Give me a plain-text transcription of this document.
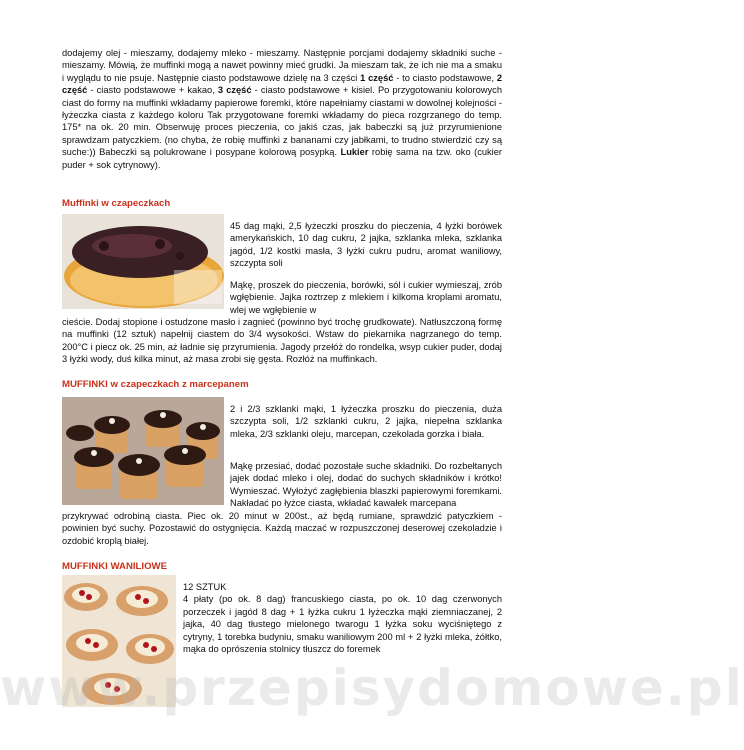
dodajemy olej - mieszamy, dodajemy mleko - mieszamy. Następnie porcjami dodajemy składniki suche - mieszamy. Mówią, że muffinki mogą a nawet powinny mieć grudki. Ja mieszam tak, że ich nie ma a smaku i wyglądu to nie psuje. Następnie ciasto podstawowe dzielę na 3 części 1 część - to ciasto podstawowe, 2 część - ciasto podstawowe + kakao, 3 część - ciasto podstawowe + kisiel. Po przygotowaniu kolorowych ciast do formy na muffinki wkładamy papierowe foremki, które napełniamy ciastami w dowolnej kolejności - łyżeczka ciasta z każdego koloru Tak przygotowane foremki wkładamy do pieca rozgrzanego do temp. 175* na ok. 20 min. Obserwuję proces pieczenia, co jakiś czas, jak babeczki są już przyrumienione sprawdzam patyczkiem. (no chyba, że robię muffinki z bananami czy jabłkami, to trudno stwierdzić czy są suche:)) Babeczki są polukrowane i posypane kolorową posypką. Lukier robię sama na tzw. oko (cukier puder + sok cytrynowy).

Muffinki w czapeczkach

45 dag mąki, 2,5 łyżeczki proszku do pieczenia, 4 łyżki borówek amerykańskich, 10 dag cukru, 2 jajka, szklanka mleka, szklanka jagód, 1/2 kostki masła, 3 łyżki cukru pudru, aromat waniliowy, szczypta soli

Mąkę, proszek do pieczenia, borówki, sól i cukier wymieszaj, zrób wgłębienie. Jajka roztrzep z mlekiem i kilkoma kroplami aromatu, wlej we wgłębienie w

cieście. Dodaj stopione i ostudzone masło i zagnieć (powinno być trochę grudkowate). Natłuszczoną formę na muffinki (12 sztuk) napełnij ciastem do 3/4 wysokości. Wstaw do piekarnika nagrzanego do temp. 200°C i piecz ok. 25 min, aż ładnie się przyrumienia. Jagody przełóż do rondelka, wsyp cukier puder, dodaj 3 łyżki wody, duś kilka minut, aż masa zrobi się gęsta. Rozłóż na muffinkach.

MUFFINKI w czapeczkach z marcepanem

2 i 2/3 szklanki mąki, 1 łyżeczka proszku do pieczenia, duża szczypta soli, 1/2 szklanki cukru, 2 jajka, niepełna szklanka mleka, 2/3 szklanki oleju, marcepan, czekolada gorzka i biała.

Mąkę przesiać, dodać pozostałe suche składniki. Do rozbełtanych jajek dodać mleko i olej, dodać do suchych składników i krótko! Wymieszać. Wyłożyć zagłębienia blaszki papierowymi foremkami. Nakładać po łyżce ciasta, wkładać kawałek marcepana

przykrywać odrobiną ciasta. Piec ok. 20 minut w 200st., aż będą rumiane, sprawdzić patyczkiem - powinien być suchy. Pozostawić do ostygnięcia. Każdą maczać w rozpuszczonej deserowej czekoladzie i ozdobić kroplą białej.

MUFFINKI WANILIOWE

12 SZTUK

4 płaty (po ok. 8 dag) francuskiego ciasta, po ok. 10 dag czerwonych porzeczek i jagód 8 dag + 1 łyżka cukru 1 łyżeczka mąki ziemniaczanej, 2 jajka, 40 dag tłustego mielonego twarogu 1 łyżka soku wyciśniętego z cytryny, 1 torebka budyniu, smaku waniliowym 200 ml + 2 łyżki mleka, żółtko, mąka do oprószenia stolnicy tłuszcz do foremek

www.przepisydomowe.pl
